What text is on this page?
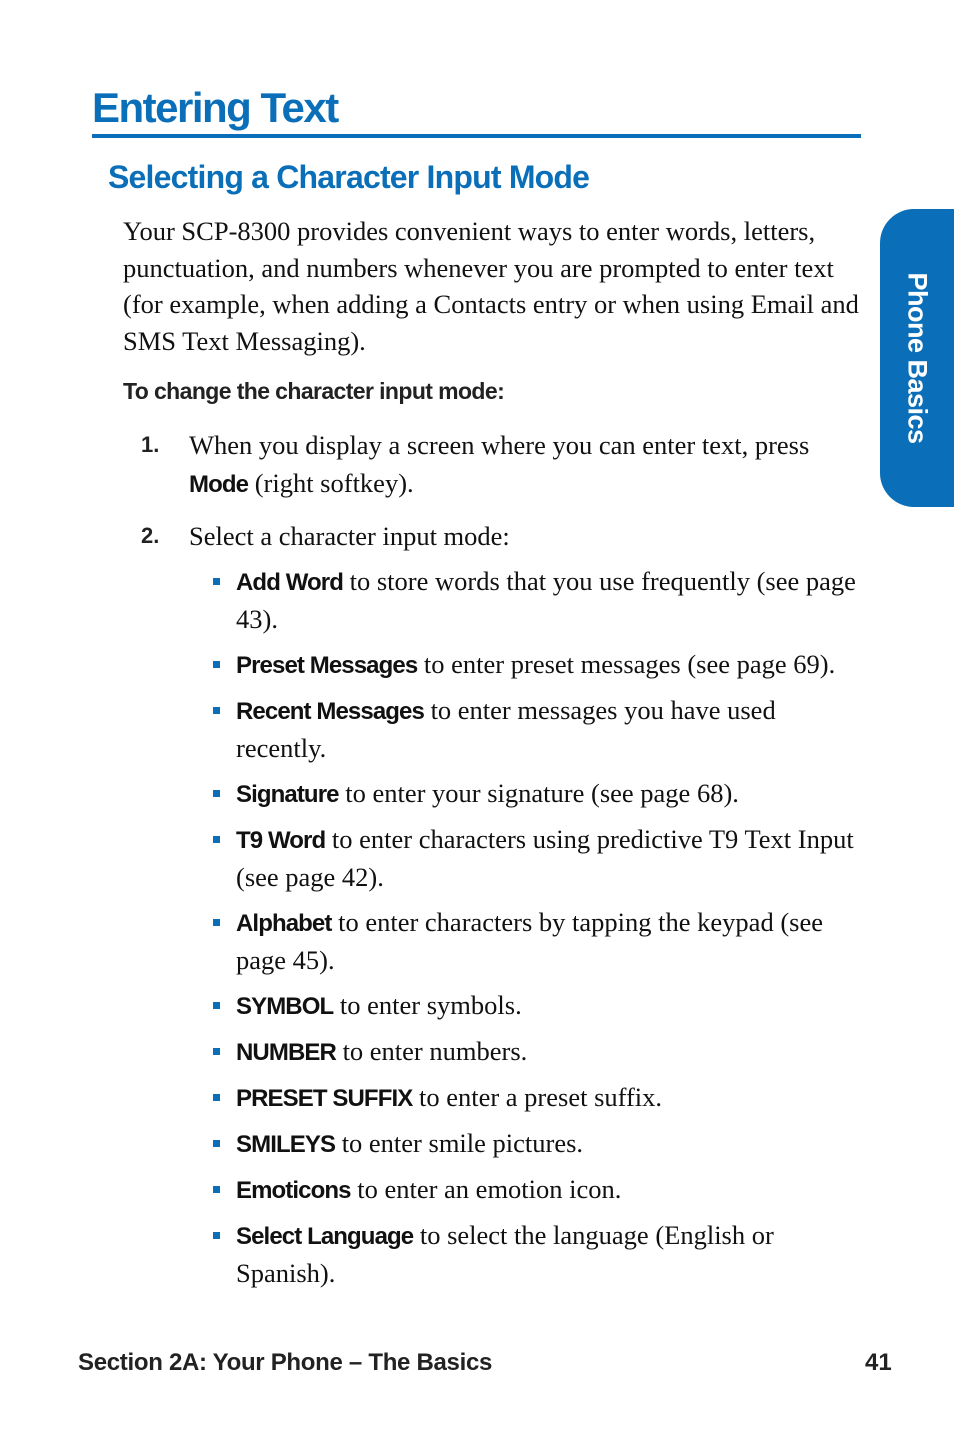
Entering Text
Selecting a Character Input Mode

Your SCP-8300 provides convenient ways to enter words, letters, punctuation, and numbers whenever you are prompted to enter text (for example, when adding a Contacts entry or when using Email and SMS Text Messaging).

To change the character input mode:

1. When you display a screen where you can enter text, press Mode (right softkey).
2. Select a character input mode:
Add Word to store words that you use frequently (see page 43).
Preset Messages to enter preset messages (see page 69).
Recent Messages to enter messages you have used recently.
Signature to enter your signature (see page 68).
T9 Word to enter characters using predictive T9 Text Input (see page 42).
Alphabet to enter characters by tapping the keypad (see page 45).
SYMBOL to enter symbols.
NUMBER to enter numbers.
PRESET SUFFIX to enter a preset suffix.
SMILEYS to enter smile pictures.
Emoticons to enter an emotion icon.
Select Language to select the language (English or Spanish).
Phone Basics
Section 2A: Your Phone – The Basics	41
